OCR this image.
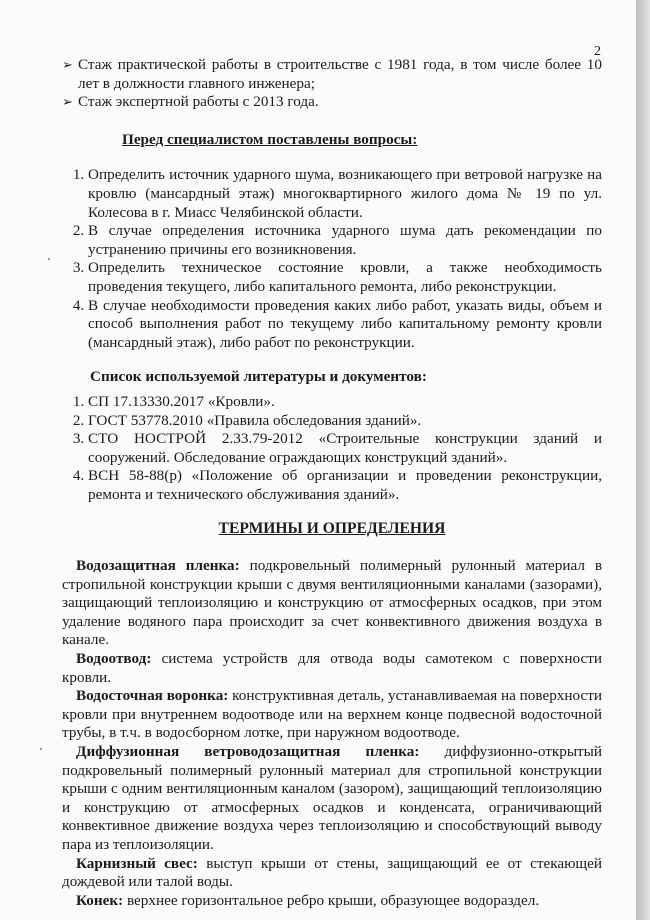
2
➢ Стаж практической работы в строительстве с 1981 года, в том числе более 10 лет в должности главного инженера;
➢ Стаж экспертной работы с 2013 года.
Перед специалистом поставлены вопросы:
1. Определить источник ударного шума, возникающего при ветровой нагрузке на кровлю (мансардный этаж) многоквартирного жилого дома № 19 по ул. Колесова в г. Миасс Челябинской области.
2. В случае определения источника ударного шума дать рекомендации по устранению причины его возникновения.
3. Определить техническое состояние кровли, а также необходимость проведения текущего, либо капитального ремонта, либо реконструкции.
4. В случае необходимости проведения каких либо работ, указать виды, объем и способ выполнения работ по текущему либо капитальному ремонту кровли (мансардный этаж), либо работ по реконструкции.
Список используемой литературы и документов:
1. СП 17.13330.2017 «Кровли».
2. ГОСТ 53778.2010 «Правила обследования зданий».
3. СТО НОСТРОЙ 2.33.79-2012 «Строительные конструкции зданий и сооружений. Обследование ограждающих конструкций зданий».
4. ВСН 58-88(р) «Положение об организации и проведении реконструкции, ремонта и технического обслуживания зданий».
ТЕРМИНЫ И ОПРЕДЕЛЕНИЯ

Водозащитная пленка: подкровельный полимерный рулонный материал в стропильной конструкции крыши с двумя вентиляционными каналами (зазорами), защищающий теплоизоляцию и конструкцию от атмосферных осадков, при этом удаление водяного пара происходит за счет конвективного движения воздуха в канале.

Водоотвод: система устройств для отвода воды самотеком с поверхности кровли.

Водосточная воронка: конструктивная деталь, устанавливаемая на поверхности кровли при внутреннем водоотводе или на верхнем конце подвесной водосточной трубы, в т.ч. в водосборном лотке, при наружном водоотводе.

Диффузионная ветроводозащитная пленка: диффузионно-открытый подкровельный полимерный рулонный материал для стропильной конструкции крыши с одним вентиляционным каналом (зазором), защищающий теплоизоляцию и конструкцию от атмосферных осадков и конденсата, ограничивающий конвективное движение воздуха через теплоизоляцию и способствующий выводу пара из теплоизоляции.

Карнизный свес: выступ крыши от стены, защищающий ее от стекающей дождевой или талой воды.

Конек: верхнее горизонтальное ребро крыши, образующее водораздел.
